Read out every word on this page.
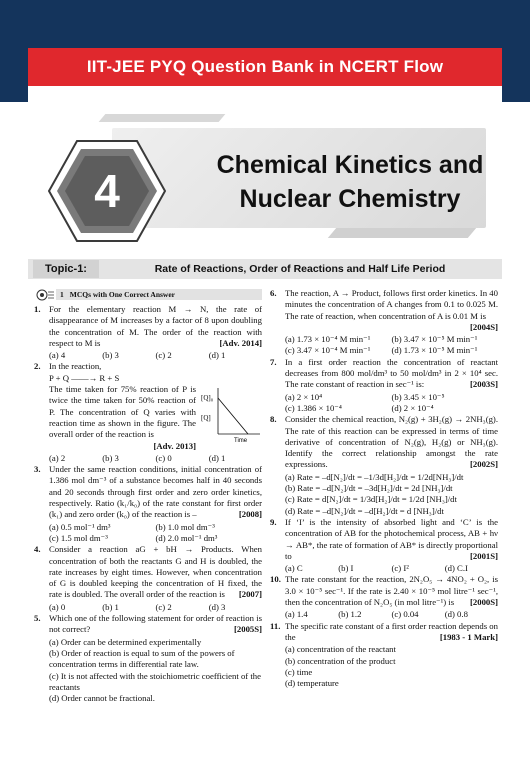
IIT-JEE PYQ Question Bank in NCERT Flow
Chemical Kinetics and
Nuclear Chemistry
4
Topic-1:	Rate of Reactions, Order of Reactions and Half Life Period
1 MCQs with One Correct Answer
1. For the elementary reaction M → N, the rate of disappearance of M increases by a factor of 8 upon doubling the concentration of M. The order of the reaction with respect to M is	[Adv. 2014]
(a) 4	(b) 3	(c) 2	(d) 1
2. In the reaction,
P + Q ——→ R + S
[Q]₀
[Q]
Time
The time taken for 75% reaction of P is twice the time taken for 50% reaction of P. The concentration of Q varies with reaction time as shown in the figure. The overall order of the reaction is
[Adv. 2013]
(a) 2	(b) 3	(c) 0	(d) 1
3. Under the same reaction conditions, initial concentration of 1.386 mol dm⁻³ of a substance becomes half in 40 seconds and 20 seconds through first order and zero order kinetics, respectively. Ratio (k₁/k₀) of the rate constant for first order (k₁) and zero order (k₀) of the reaction is –	[2008]
(a) 0.5 mol⁻¹ dm³	(b) 1.0 mol dm⁻³
(c) 1.5 mol dm⁻³	(d) 2.0 mol⁻¹ dm³
4. Consider a reaction aG + bH → Products. When concentration of both the reactants G and H is doubled, the rate increases by eight times. However, when concentration of G is doubled keeping the concentration of H fixed, the rate is doubled. The overall order of the reaction is [2007]
(a) 0	(b) 1	(c) 2	(d) 3
5. Which one of the following statement for order of reaction is not correct?	[2005S]
(a) Order can be determined experimentally
(b) Order of reaction is equal to sum of the powers of concentration terms in differential rate law.
(c) It is not affected with the stoichiometric coefficient of the reactants
(d) Order cannot be fractional.
6. The reaction, A → Product, follows first order kinetics. In 40 minutes the concentration of A changes from 0.1 to 0.025 M. The rate of reaction, when concentration of A is 0.01 M is
[2004S]
(a) 1.73 × 10⁻⁴ M min⁻¹	(b) 3.47 × 10⁻⁵ M min⁻¹
(c) 3.47 × 10⁻⁴ M min⁻¹	(d) 1.73 × 10⁻⁵ M min⁻¹
7. In a first order reaction the concentration of reactant decreases from 800 mol/dm³ to 50 mol/dm³ in 2 × 10⁴ sec. The rate constant of reaction in sec⁻¹ is:	[2003S]
(a) 2 × 10⁴	(b) 3.45 × 10⁻⁵
(c) 1.386 × 10⁻⁴	(d) 2 × 10⁻⁴
8. Consider the chemical reaction, N₂(g) + 3H₂(g) → 2NH₃(g). The rate of this reaction can be expressed in terms of time derivative of concentration of N₂(g), H₂(g) or NH₃(g). Identify the correct relationship amongst the rate expressions.	[2002S]
(a) Rate = –d[N₂]/dt = –1/3d[H₂]/dt = 1/2d[NH₃]/dt
(b) Rate = –d[N₂]/dt = –3d[H₂]/dt = 2d [NH₃]/dt
(c) Rate = d[N₂]/dt = 1/3d[H₂]/dt = 1/2d [NH₃]/dt
(d) Rate = –d[N₂]/dt = –d[H₂]/dt = d [NH₃]/dt
9. If ‘I’ is the intensity of absorbed light and ‘C’ is the concentration of AB for the photochemical process, AB + hν → AB*, the rate of formation of AB* is directly proportional to	[2001S]
(a) C	(b) I	(c) I²	(d) C.I
10. The rate constant for the reaction, 2N₂O₅ → 4NO₂ + O₂, is 3.0 × 10⁻⁵ sec⁻¹. If the rate is 2.40 × 10⁻⁵ mol litre⁻¹ sec⁻¹, then the concentration of N₂O₅ (in mol litre⁻¹) is [2000S]
(a) 1.4	(b) 1.2	(c) 0.04	(d) 0.8
11. The specific rate constant of a first order reaction depends on the	[1983 - 1 Mark]
(a) concentration of the reactant
(b) concentration of the product
(c) time
(d) temperature
